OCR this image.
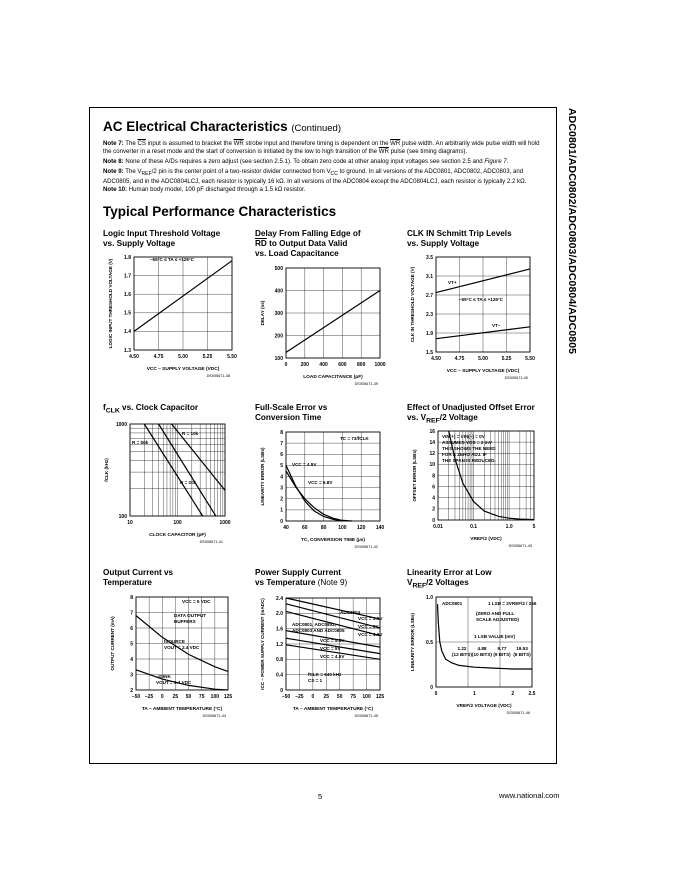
ADC0801/ADC0802/ADC0803/ADC0804/ADC0805
AC Electrical Characteristics (Continued)
Note 7: The $\overline{CS}$ input is assumed to bracket the $\overline{WR}$ strobe input and therefore timing is dependent on the $\overline{WR}$ pulse width. An arbitrarily wide pulse width will hold the converter in a reset mode and the start of conversion is initiated by the low to high transition of the $\overline{WR}$ pulse (see timing diagrams).
Note 8: None of these A/Ds requires a zero adjust (see section 2.5.1). To obtain zero code at other analog input voltages see section 2.5 and Figure 7.
Note 9: The $V_{REF}/2$ pin is the center point of a two-resistor divider connected from $V_{CC}$ to ground. In all versions of the ADC0801, ADC0802, ADC0803, and ADC0805, and in the ADC0804LCJ, each resistor is typically 16 kΩ. In all versions of the ADC0804 except the ADC0804LCJ, each resistor is typically 2.2 kΩ.
Note 10: Human body model, 100 pF discharged through a 1.5 kΩ resistor.
Typical Performance Characteristics
Logic Input Threshold Voltage
vs. Supply Voltage
Delay From Falling Edge of
$\overline{RD}$ to Output Data Valid
vs. Load Capacitance
CLK IN Schmitt Trip Levels
vs. Supply Voltage
$f_{CLK}$ vs. Clock Capacitor	Full-Scale Error vs
Conversion Time
Effect of Unadjusted Offset Error
vs. $V_{REF}/2$ Voltage
Output Current vs
Temperature
Power Supply Current
vs Temperature (Note 9)
Linearity Error at Low
$V_{REF}/2$ Voltages
4.50	4.75	5.00	5.25	5.50
1.3
1.4
1.5
1.6
1.7
1.8
VCC – SUPPLY VOLTAGE (VDC)
LOGIC INPUT THRESHOLD VOLTAGE (V)
DS005671-38
–55°C ≤ TA ≤ +125°C
0	200 400 600 800 1000
100
200
300
400
500
LOAD CAPACITANCE (pF)
DELAY (ns)
DS005671-39
4.50	4.75	5.00	5.25	5.50
1.5
1.9
2.3
2.7
3.1
3.5
VCC – SUPPLY VOLTAGE (VDC)
CLK IN THRESHOLD VOLTAGE (V)
DS005671-40
–55°C ≤ TA ≤ +125°C
VT+
VT–
10	100	1000
100
1000
CLOCK CAPACITOR (pF)
fCLK (kHz)
DS005671-41
R = 10k
R = 50k
R = 20k
40	60	80 100 120 140
0
1
2
3
4
5
6
7
8
TC, CONVERSION TIME (µs)
LINEARITY ERROR (LSBs)
DS005671-42
TC = 73/fCLK
VCC = 4.5V
VCC = 6.8V
0.01	0.1	1.0	5
0
2
4
6
8
10
12
14
16
VREF/2 (VDC)
OFFSET ERROR (LSBs)
DS005671-43
VIN(+) = VIN(–) = 0V
ASSUMES VOS = 2 mV
THIS SHOWS THE NEED
FOR A ZERO ADJ. IF
THE SPAN IS REDUCED.
–50 –25 0 25 50 75 100 125
2
3
4
5
6
7
8
TA – AMBIENT TEMPERATURE (°C)
OUTPUT CURRENT (mA)
DS005671-44
VCC = 5 VDC
DATA OUTPUT
BUFFERS
ISOURCE
VOUT = 2.4 VDC
–ISINK
VOUT = 0.4 VDC
–50 –25 0 25 50 75 100 125
0
0.4
0.8
1.2
1.6
2.0
2.4
TA – AMBIENT TEMPERATURE (°C)
ICC – POWER SUPPLY CURRENT (mADC)
DS005671-45
ADC0804
ADC0801, ADC0802,
ADC0803 AND ADC0805
fCLK = 640 kHz
CS = 1
VCC = 5.5V
VCC = 5V
VCC = 4.5V
VCC = 5.5V
VCC = 5V
VCC = 4.5V
0	1	2	2.5
0
0.5
1.0
VREF/2 VOLTAGE (VDC)
LINEARITY ERROR (LSBs)
DS005671-46
ADC0801	1 LSB = 2VREF/2 / 256
(ZERO AND FULL
SCALE ADJUSTED)
1 LSB VALUE (mV)
1.22
(12 BITS)
4.88
(10 BITS)
9.77
(9 BITS)
19.53
(8 BITS)
5	www.national.com
